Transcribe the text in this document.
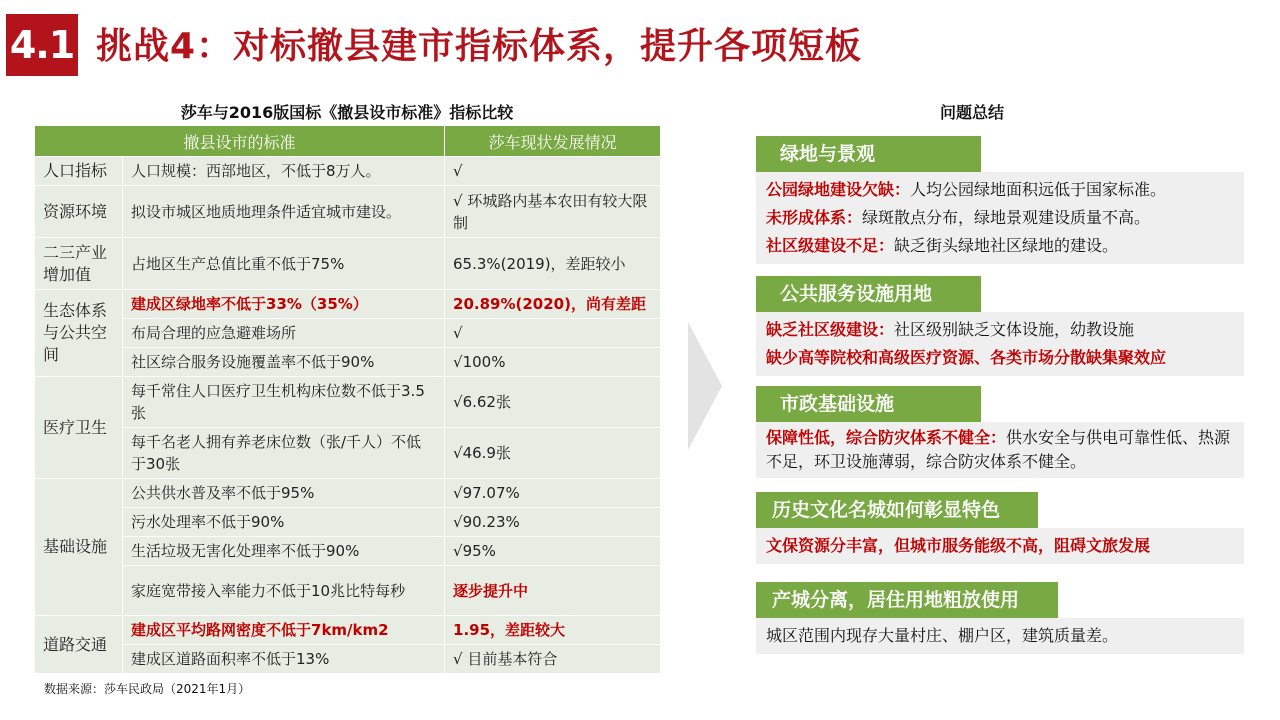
4.1 挑战4：对标撤县建市指标体系，提升各项短板
莎车与2016版国标《撤县设市标准》指标比较
撤县设市的标准		莎车现状发展情况
人口指标	人口规模：西部地区，不低于8万人。	√
资源环境	拟设市城区地质地理条件适宜城市建设。	√ 环城路内基本农田有较大限制
二三产业增加值	占地区生产总值比重不低于75%	65.3%(2019)，差距较小
生态体系与公共空间	建成区绿地率不低于33%（35%）	20.89%(2020)，尚有差距
	布局合理的应急避难场所	√
	社区综合服务设施覆盖率不低于90%	√100%
医疗卫生	每千常住人口医疗卫生机构床位数不低于3.5张	√6.62张
	每千名老人拥有养老床位数（张/千人）不低于30张	√46.9张
基础设施	公共供水普及率不低于95%	√97.07%
	污水处理率不低于90%	√90.23%
	生活垃圾无害化处理率不低于90%	√95%
	家庭宽带接入率能力不低于10兆比特每秒	逐步提升中
道路交通	建成区平均路网密度不低于7km/km2	1.95，差距较大
	建成区道路面积率不低于13%	√ 目前基本符合
数据来源：莎车民政局（2021年1月）
问题总结
绿地与景观
公园绿地建设欠缺：人均公园绿地面积远低于国家标准。
未形成体系：绿斑散点分布，绿地景观建设质量不高。
社区级建设不足：缺乏街头绿地社区绿地的建设。
公共服务设施用地
缺乏社区级建设：社区级别缺乏文体设施，幼教设施
缺少高等院校和高级医疗资源、各类市场分散缺集聚效应
市政基础设施
保障性低，综合防灾体系不健全：供水安全与供电可靠性低、热源不足，环卫设施薄弱，综合防灾体系不健全。
历史文化名城如何彰显特色
文保资源分丰富，但城市服务能级不高，阻碍文旅发展
产城分离，居住用地粗放使用
城区范围内现存大量村庄、棚户区，建筑质量差。
